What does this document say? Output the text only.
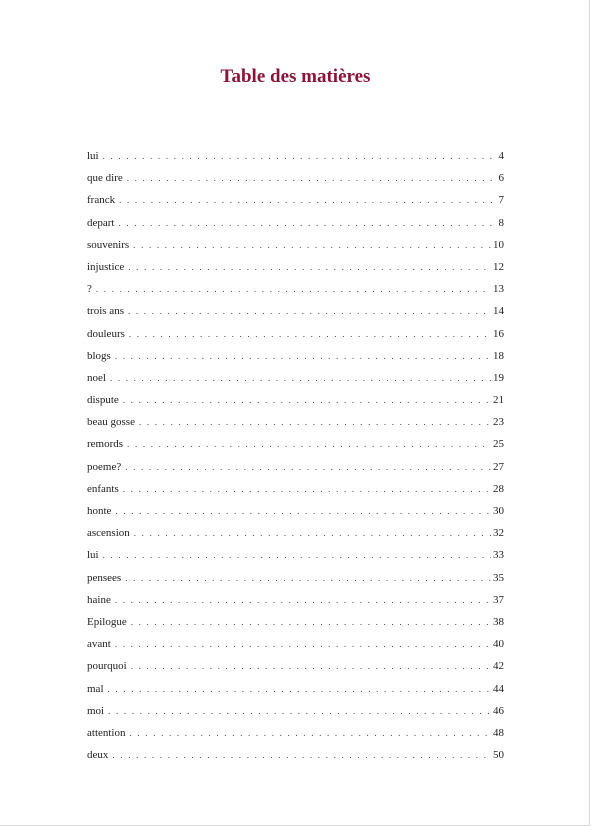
Table des matières
lui . . .	4
que dire . . .	6
franck . . .	7
depart . . .	8
souvenirs . . .	10
injustice . . .	12
? . . .	13
trois ans . . .	14
douleurs . . .	16
blogs . . .	18
noel . . .	19
dispute . . .	21
beau gosse . . .	23
remords . . .	25
poeme? . . .	27
enfants . . .	28
honte . . .	30
ascension . . .	32
lui . . .	33
pensees . . .	35
haine . . .	37
Epilogue . . .	38
avant . . .	40
pourquoi . . .	42
mal . . .	44
moi . . .	46
attention . . .	48
deux . . .	50
